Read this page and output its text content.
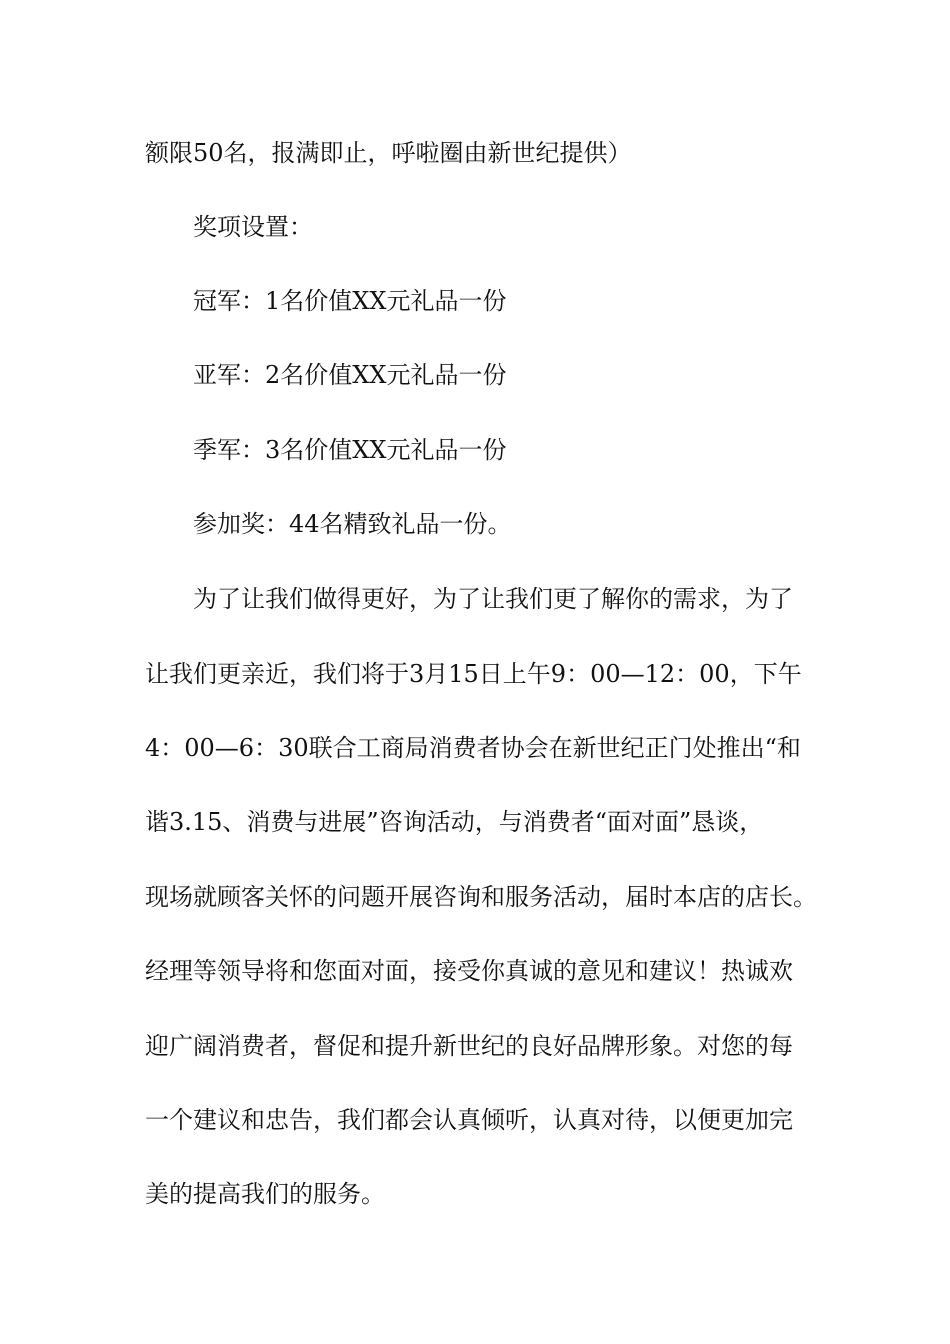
额限50名，报满即止，呼啦圈由新世纪提供）
奖项设置：
冠军：1名价值XX元礼品一份
亚军：2名价值XX元礼品一份
季军：3名价值XX元礼品一份
参加奖：44名精致礼品一份。
为了让我们做得更好，为了让我们更了解你的需求，为了
让我们更亲近，我们将于3月15日上午9：00—12：00，下午
4：00—6：30联合工商局消费者协会在新世纪正门处推出“和
谐3.15、消费与进展”咨询活动，与消费者“面对面”恳谈，
现场就顾客关怀的问题开展咨询和服务活动，届时本店的店长。
经理等领导将和您面对面，接受你真诚的意见和建议！热诚欢
迎广阔消费者，督促和提升新世纪的良好品牌形象。对您的每
一个建议和忠告，我们都会认真倾听，认真对待，以便更加完
美的提高我们的服务。
